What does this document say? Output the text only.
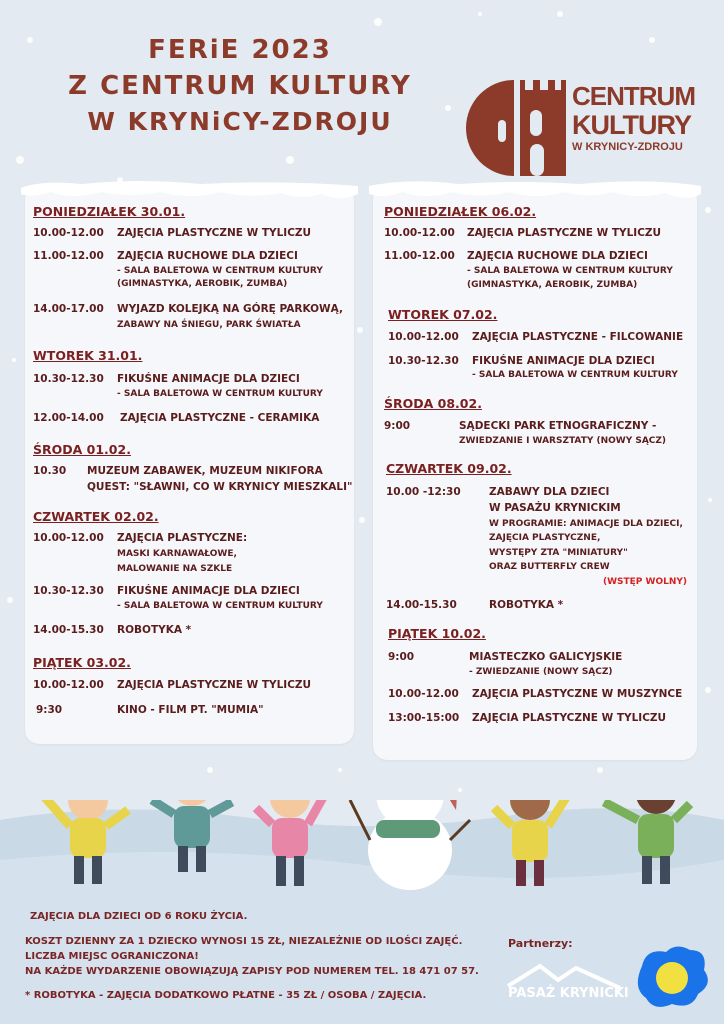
FERiE 2023
Z CENTRUM KULTURY
W KRYNiCY-ZDROJU
CENTRUM
KULTURY
W KRYNICY-ZDROJU
PONIEDZIAŁEK 30.01.
10.00-12.00 ZAJĘCIA PLASTYCZNE W TYLICZU
11.00-12.00 ZAJĘCIA RUCHOWE DLA DZIECI
- SALA BALETOWA W CENTRUM KULTURY
(GIMNASTYKA, AEROBIK, ZUMBA)
14.00-17.00 WYJAZD KOLEJKĄ NA GÓRĘ PARKOWĄ,
ZABAWY NA ŚNIEGU, PARK ŚWIATŁA
WTOREK 31.01.
10.30-12.30 FIKUŚNE ANIMACJE DLA DZIECI
- SALA BALETOWA W CENTRUM KULTURY
12.00-14.00 ZAJĘCIA PLASTYCZNE - CERAMIKA
ŚRODA 01.02.
10.30 MUZEUM ZABAWEK, MUZEUM NIKIFORA
QUEST: "SŁAWNI, CO W KRYNICY MIESZKALI"
CZWARTEK 02.02.
10.00-12.00 ZAJĘCIA PLASTYCZNE:
MASKI KARNAWAŁOWE,
MALOWANIE NA SZKLE
10.30-12.30 FIKUŚNE ANIMACJE DLA DZIECI
- SALA BALETOWA W CENTRUM KULTURY
14.00-15.30 ROBOTYKA *
PIĄTEK 03.02.
10.00-12.00 ZAJĘCIA PLASTYCZNE W TYLICZU
9:30	KINO - FILM PT. "MUMIA"
PONIEDZIAŁEK 06.02.
10.00-12.00 ZAJĘCIA PLASTYCZNE W TYLICZU
11.00-12.00 ZAJĘCIA RUCHOWE DLA DZIECI
- SALA BALETOWA W CENTRUM KULTURY
(GIMNASTYKA, AEROBIK, ZUMBA)
WTOREK 07.02.
10.00-12.00 ZAJĘCIA PLASTYCZNE - FILCOWANIE
10.30-12.30 FIKUŚNE ANIMACJE DLA DZIECI
- SALA BALETOWA W CENTRUM KULTURY
ŚRODA 08.02.
9:00	SĄDECKI PARK ETNOGRAFICZNY -
ZWIEDZANIE I WARSZTATY (NOWY SĄCZ)
CZWARTEK 09.02.
10.00 -12:30	ZABAWY DLA DZIECI
W PASAŻU KRYNICKIM
W PROGRAMIE: ANIMACJE DLA DZIECI,
ZAJĘCIA PLASTYCZNE,
WYSTĘPY ZTA "MINIATURY"
ORAZ BUTTERFLY CREW
(WSTĘP WOLNY)
14.00-15.30	ROBOTYKA *
PIĄTEK 10.02.
9:00	MIASTECZKO GALICYJSKIE
- ZWIEDZANIE (NOWY SĄCZ)
10.00-12.00 ZAJĘCIA PLASTYCZNE W MUSZYNCE
13:00-15:00 ZAJĘCIA PLASTYCZNE W TYLICZU
ZAJĘCIA DLA DZIECI OD 6 ROKU ŻYCIA.
KOSZT DZIENNY ZA 1 DZIECKO WYNOSI 15 ZŁ, NIEZALEŻNIE OD ILOŚCI ZAJĘĆ.
LICZBA MIEJSC OGRANICZONA!
NA KAŻDE WYDARZENIE OBOWIĄZUJĄ ZAPISY POD NUMEREM TEL. 18 471 07 57.
* ROBOTYKA - ZAJĘCIA DODATKOWO PŁATNE - 35 ZŁ / OSOBA / ZAJĘCIA.
Partnerzy:
PASAŻ KRYNICKI
